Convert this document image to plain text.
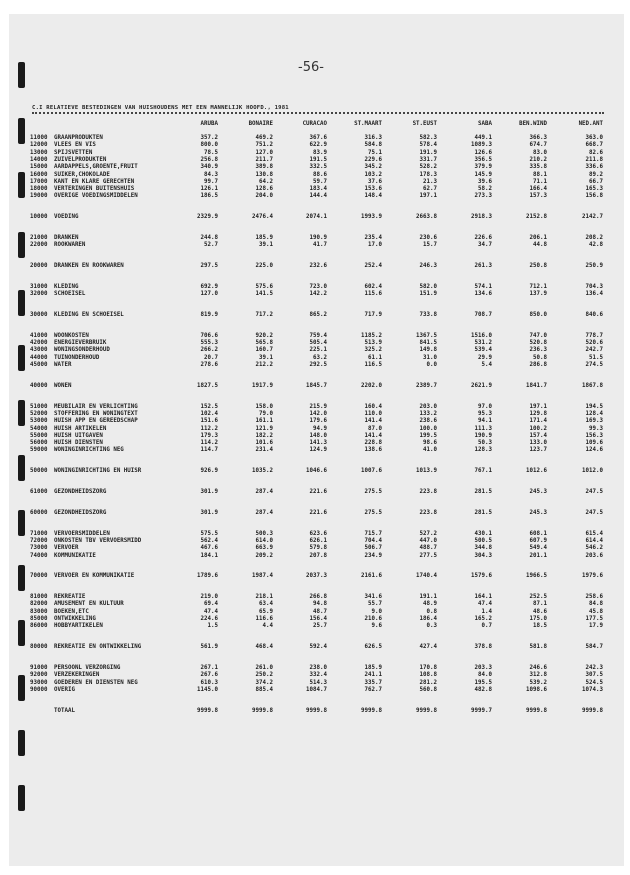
-56-
C.I RELATIEVE BESTEDINGEN VAN HUISHOUDENS MET EEN MANNELIJK HOOFD., 1981
ARUBA	BONAIRE	CURACAO	ST.MAART	ST.EUST	SABA	BEN.WIND	NED.ANT
11000 GRAANPRODUKTEN	357.2	469.2	367.6	316.3	582.3	449.1	366.3	363.0
12000 VLEES EN VIS	800.0	751.2	622.9	584.8	578.4	1089.3	674.7	668.7
13000 SPIJSVETTEN	78.5	127.0	83.9	75.1	191.9	126.6	83.0	82.6
14000 ZUIVELPRODUKTEN	256.8	211.7	191.5	229.6	331.7	356.5	210.2	211.8
15000 AARDAPPELS,GROENTE,FRUIT	340.9	389.8	332.5	345.2	528.2	379.9	335.8	336.6
16000 SUIKER,CHOKOLADE	84.3	130.8	88.6	103.2	178.3	145.9	88.1	89.2
17000 KANT EN KLARE GERECHTEN	99.7	64.2	59.7	37.6	21.3	39.6	71.1	66.7
18000 VERTERINGEN BUITENSHUIS	126.1	128.6	183.4	153.6	62.7	58.2	166.4	165.3
19000 OVERIGE VOEDINGSMIDDELEN	186.5	204.0	144.4	148.4	197.1	273.3	157.3	156.8
10000 VOEDING	2329.9	2476.4	2074.1	1993.9	2663.8	2918.3	2152.8	2142.7
21000 DRANKEN	244.8	185.9	190.9	235.4	230.6	226.6	206.1	208.2
22000 ROOKWAREN	52.7	39.1	41.7	17.0	15.7	34.7	44.8	42.8
20000 DRANKEN EN ROOKWAREN	297.5	225.0	232.6	252.4	246.3	261.3	250.8	250.9
31000 KLEDING	692.9	575.6	723.0	602.4	582.0	574.1	712.1	704.3
32000 SCHOEISEL	127.0	141.5	142.2	115.6	151.9	134.6	137.9	136.4
30000 KLEDING EN SCHOEISEL	819.9	717.2	865.2	717.9	733.8	708.7	850.0	840.6
41000 WOONKOSTEN	706.6	920.2	759.4	1185.2	1367.5	1516.0	747.0	778.7
42000 ENERGIEVERBRUIK	555.3	565.8	505.4	513.9	841.5	531.2	520.8	520.6
43000 WONINGSONDERHOUD	266.2	160.7	225.1	325.2	149.8	539.4	236.3	242.7
44000 TUINONDERHOUD	20.7	39.1	63.2	61.1	31.0	29.9	50.8	51.5
45000 WATER	278.6	212.2	292.5	116.5	0.0	5.4	286.8	274.5
40000 WONEN	1827.5	1917.9	1845.7	2202.0	2389.7	2621.9	1841.7	1867.8
51000 MEUBILAIR EN VERLICHTING	152.5	158.0	215.9	160.4	203.0	97.0	197.1	194.5
52000 STOFFERING EN WONINGTEXT	102.4	79.0	142.0	110.0	133.2	95.3	129.8	128.4
53000 HUISH APP EN GEREEDSCHAP	151.6	161.1	179.6	141.4	238.6	94.1	171.4	169.3
54000 HUISH ARTIKELEN	112.2	121.9	94.9	87.0	100.0	111.3	100.2	99.3
55000 HUISH UITGAVEN	179.3	182.2	148.0	141.4	199.5	190.9	157.4	156.3
56000 HUISH DIENSTEN	114.2	101.6	141.3	228.8	98.6	50.3	133.0	109.6
59000 WONINGINRICHTING NEG	114.7	231.4	124.9	138.6	41.0	128.3	123.7	124.6
50000 WONINGINRICHTING EN HUISR	926.9	1035.2	1046.6	1007.6	1013.9	767.1	1012.6	1012.0
61000 GEZONDHEIDSZORG	301.9	287.4	221.6	275.5	223.8	281.5	245.3	247.5
60000 GEZONDHEIDSZORG	301.9	287.4	221.6	275.5	223.8	281.5	245.3	247.5
71000 VERVOERSMIDDELEN	575.5	500.3	623.6	715.7	527.2	430.1	608.1	615.4
72000 ONKOSTEN TBV VERVOERSMIDD	562.4	614.0	626.1	704.4	447.0	500.5	607.9	614.4
73000 VERVOER	467.6	663.9	579.8	506.7	488.7	344.8	549.4	546.2
74000 KOMMUNIKATIE	184.1	209.2	207.8	234.9	277.5	304.3	201.1	203.6
70000 VERVOER EN KOMMUNIKATIE	1789.6	1987.4	2037.3	2161.6	1740.4	1579.6	1966.5	1979.6
81000 REKREATIE	219.0	218.1	266.8	341.6	191.1	164.1	252.5	258.6
82000 AMUSEMENT EN KULTUUR	69.4	63.4	94.8	55.7	48.9	47.4	87.1	84.8
83000 BOEKEN,ETC	47.4	65.9	48.7	9.0	0.8	1.4	48.6	45.8
85000 ONTWIKKELING	224.6	116.6	156.4	210.6	186.4	165.2	175.0	177.5
86000 HOBBYARTIKELEN	1.5	4.4	25.7	9.6	0.3	0.7	18.5	17.9
80000 REKREATIE EN ONTWIKKELING	561.9	468.4	592.4	626.5	427.4	378.8	581.8	584.7
91000 PERSOONL VERZORGING	267.1	261.0	238.0	185.9	170.8	203.3	246.6	242.3
92000 VERZEKERINGEN	267.6	250.2	332.4	241.1	108.8	84.0	312.8	307.5
93000 GOEDEREN EN DIENSTEN NEG	610.3	374.2	514.3	335.7	281.2	195.5	539.2	524.5
90000 OVERIG	1145.0	885.4	1084.7	762.7	560.8	482.8	1098.6	1074.3
TOTAAL	9999.8	9999.8	9999.8	9999.8	9999.8	9999.7	9999.8	9999.8
